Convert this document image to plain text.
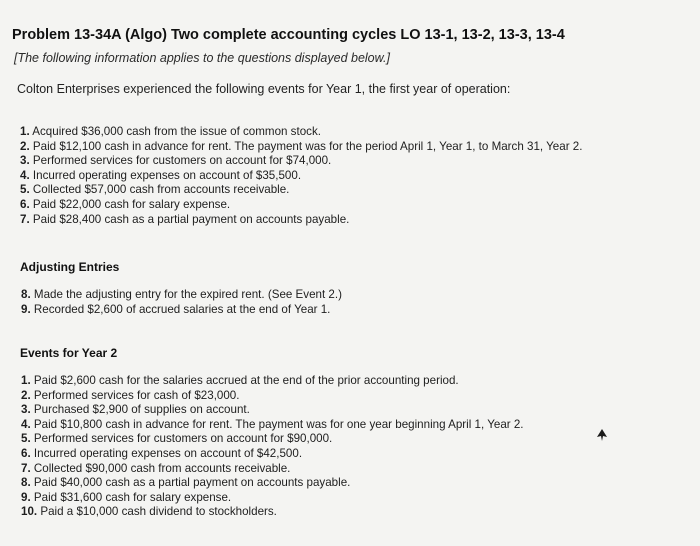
Problem 13-34A (Algo) Two complete accounting cycles LO 13-1, 13-2, 13-3, 13-4
[The following information applies to the questions displayed below.]
Colton Enterprises experienced the following events for Year 1, the first year of operation:
1. Acquired $36,000 cash from the issue of common stock.
2. Paid $12,100 cash in advance for rent. The payment was for the period April 1, Year 1, to March 31, Year 2.
3. Performed services for customers on account for $74,000.
4. Incurred operating expenses on account of $35,500.
5. Collected $57,000 cash from accounts receivable.
6. Paid $22,000 cash for salary expense.
7. Paid $28,400 cash as a partial payment on accounts payable.
Adjusting Entries
8. Made the adjusting entry for the expired rent. (See Event 2.)
9. Recorded $2,600 of accrued salaries at the end of Year 1.
Events for Year 2
1. Paid $2,600 cash for the salaries accrued at the end of the prior accounting period.
2. Performed services for cash of $23,000.
3. Purchased $2,900 of supplies on account.
4. Paid $10,800 cash in advance for rent. The payment was for one year beginning April 1, Year 2.
5. Performed services for customers on account for $90,000.
6. Incurred operating expenses on account of $42,500.
7. Collected $90,000 cash from accounts receivable.
8. Paid $40,000 cash as a partial payment on accounts payable.
9. Paid $31,600 cash for salary expense.
10. Paid a $10,000 cash dividend to stockholders.
